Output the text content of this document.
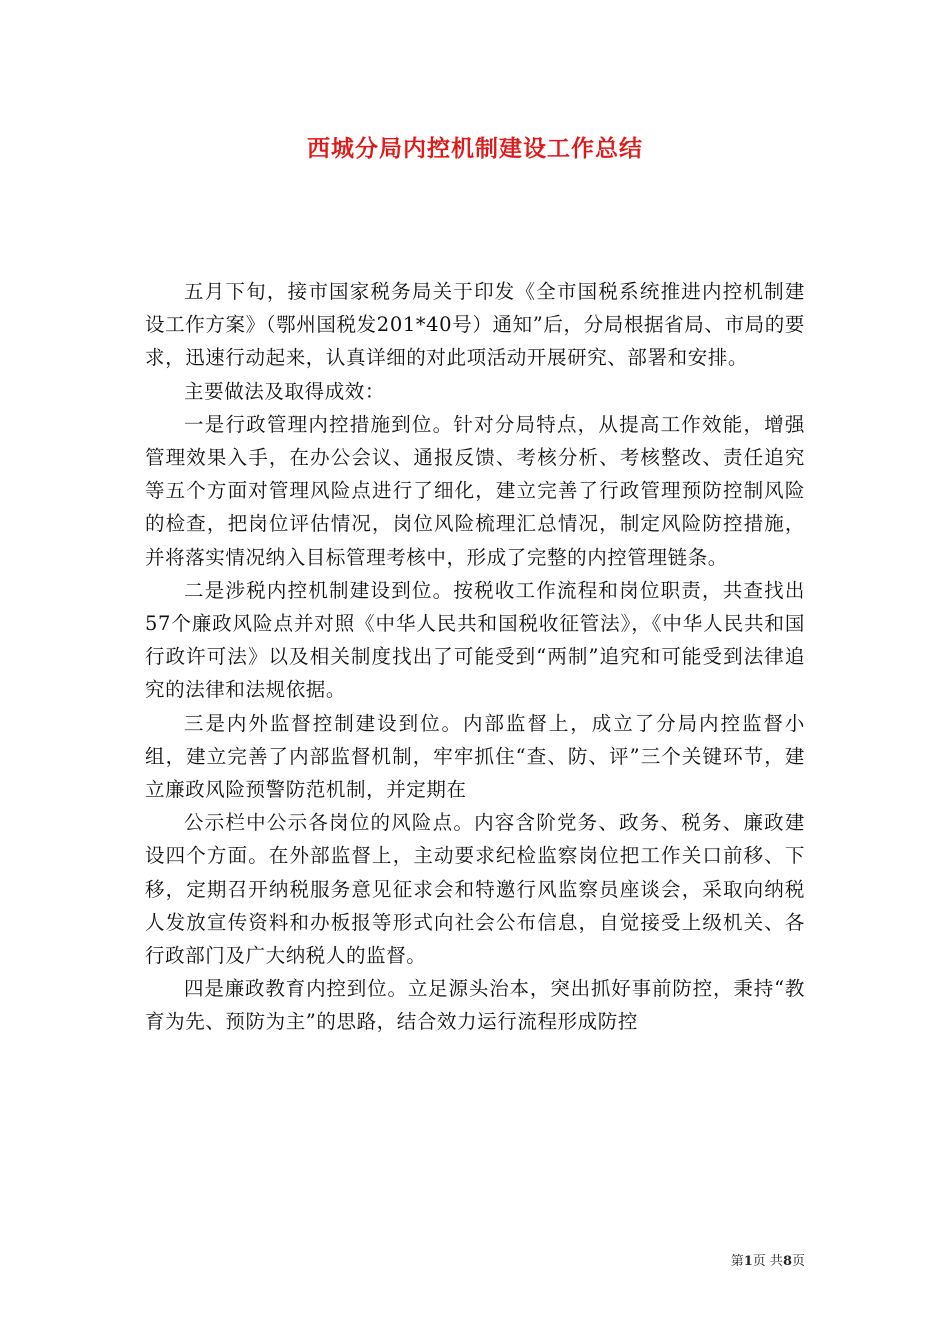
西城分局内控机制建设工作总结

五月下旬，接市国家税务局关于印发《全市国税系统推进内控机制建设工作方案》（鄂州国税发201*40号）通知”后，分局根据省局、市局的要求，迅速行动起来，认真详细的对此项活动开展研究、部署和安排。

主要做法及取得成效：

一是行政管理内控措施到位。针对分局特点，从提高工作效能，增强管理效果入手，在办公会议、通报反馈、考核分析、考核整改、责任追究等五个方面对管理风险点进行了细化，建立完善了行政管理预防控制风险的检查，把岗位评估情况，岗位风险梳理汇总情况，制定风险防控措施，并将落实情况纳入目标管理考核中，形成了完整的内控管理链条。

二是涉税内控机制建设到位。按税收工作流程和岗位职责，共查找出57个廉政风险点并对照《中华人民共和国税收征管法》，《中华人民共和国行政许可法》以及相关制度找出了可能受到“两制”追究和可能受到法律追究的法律和法规依据。

三是内外监督控制建设到位。内部监督上，成立了分局内控监督小组，建立完善了内部监督机制，牢牢抓住“查、防、评”三个关键环节，建立廉政风险预警防范机制，并定期在

公示栏中公示各岗位的风险点。内容含阶党务、政务、税务、廉政建设四个方面。在外部监督上，主动要求纪检监察岗位把工作关口前移、下移，定期召开纳税服务意见征求会和特邀行风监察员座谈会，采取向纳税人发放宣传资料和办板报等形式向社会公布信息，自觉接受上级机关、各行政部门及广大纳税人的监督。

四是廉政教育内控到位。立足源头治本，突出抓好事前防控，秉持“教育为先、预防为主”的思路，结合效力运行流程形成防控

第1页 共8页
